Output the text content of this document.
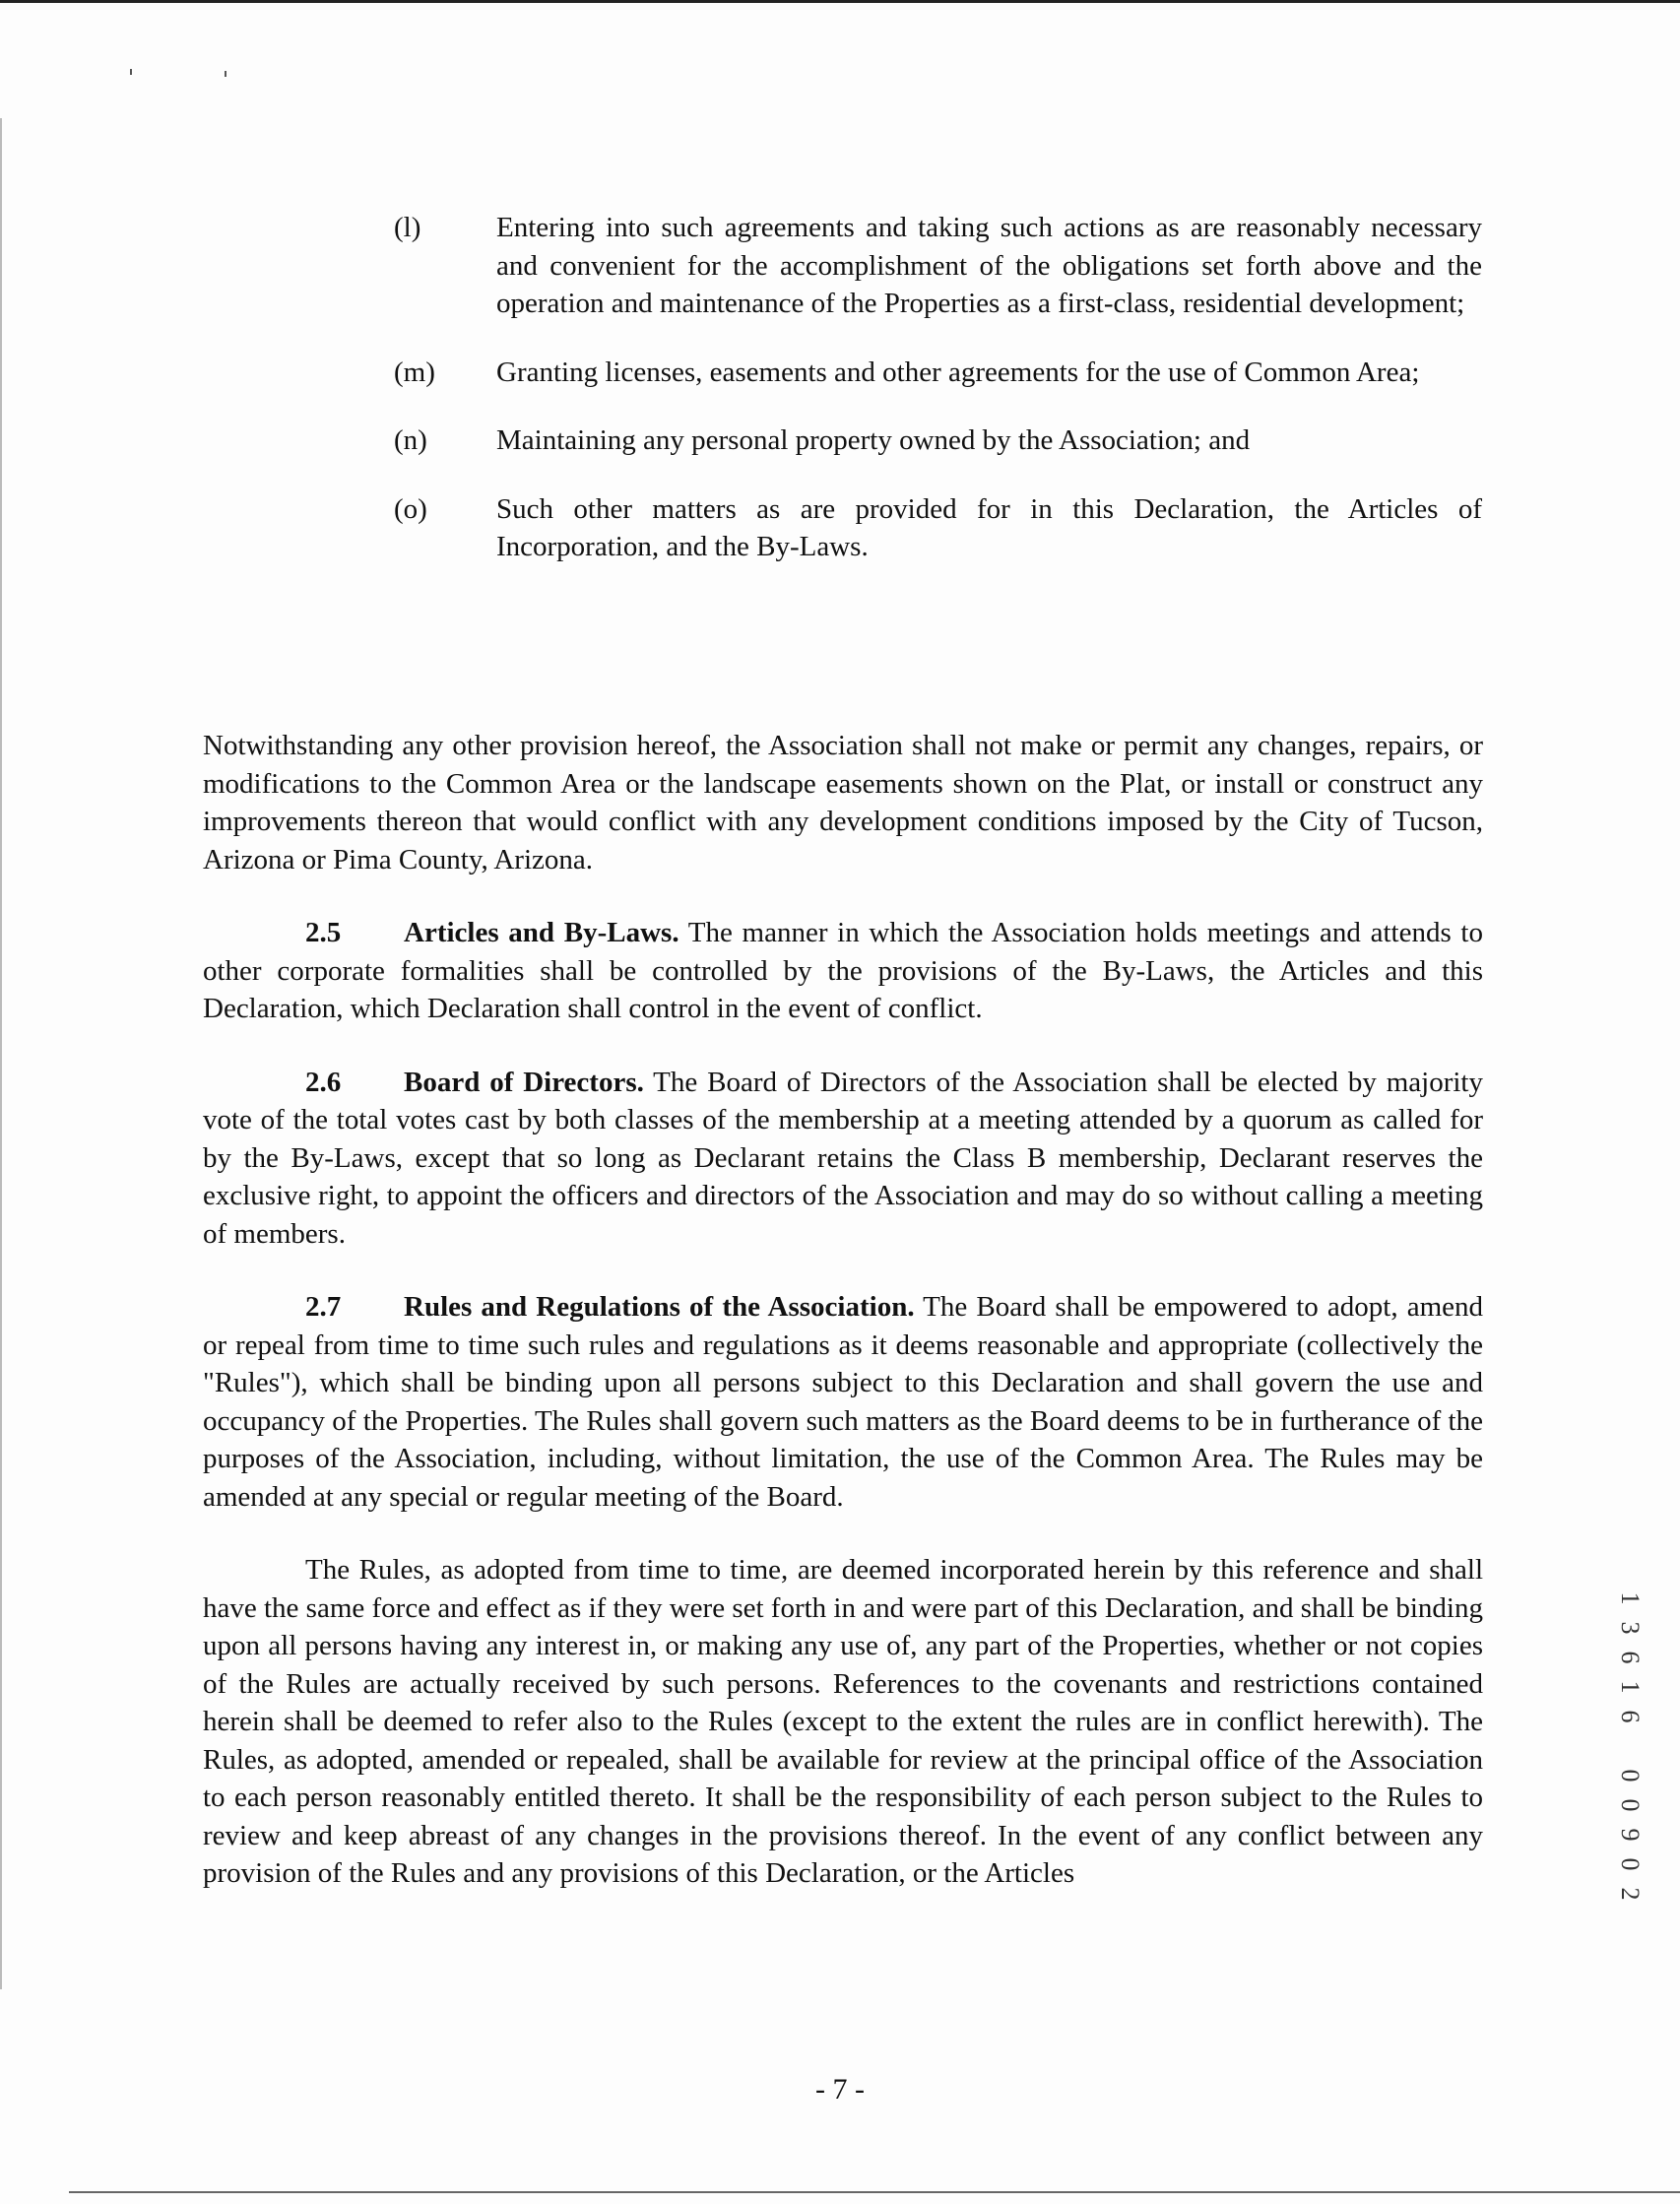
(l)	Entering into such agreements and taking such actions as are reasonably necessary and convenient for the accomplishment of the obligations set forth above and the operation and maintenance of the Properties as a first-class, residential development;
(m) Granting licenses, easements and other agreements for the use of Common Area;
(n) Maintaining any personal property owned by the Association; and
(o) Such other matters as are provided for in this Declaration, the Articles of Incorporation, and the By-Laws.

Notwithstanding any other provision hereof, the Association shall not make or permit any changes, repairs, or modifications to the Common Area or the landscape easements shown on the Plat, or install or construct any improvements thereon that would conflict with any development conditions imposed by the City of Tucson, Arizona or Pima County, Arizona.

2.5 Articles and By-Laws. The manner in which the Association holds meetings and attends to other corporate formalities shall be controlled by the provisions of the By-Laws, the Articles and this Declaration, which Declaration shall control in the event of conflict.

2.6 Board of Directors. The Board of Directors of the Association shall be elected by majority vote of the total votes cast by both classes of the membership at a meeting attended by a quorum as called for by the By-Laws, except that so long as Declarant retains the Class B membership, Declarant reserves the exclusive right, to appoint the officers and directors of the Association and may do so without calling a meeting of members.

2.7 Rules and Regulations of the Association. The Board shall be empowered to adopt, amend or repeal from time to time such rules and regulations as it deems reasonable and appropriate (collectively the "Rules"), which shall be binding upon all persons subject to this Declaration and shall govern the use and occupancy of the Properties. The Rules shall govern such matters as the Board deems to be in furtherance of the purposes of the Association, including, without limitation, the use of the Common Area. The Rules may be amended at any special or regular meeting of the Board.

The Rules, as adopted from time to time, are deemed incorporated herein by this reference and shall have the same force and effect as if they were set forth in and were part of this Declaration, and shall be binding upon all persons having any interest in, or making any use of, any part of the Properties, whether or not copies of the Rules are actually received by such persons. References to the covenants and restrictions contained herein shall be deemed to refer also to the Rules (except to the extent the rules are in conflict herewith). The Rules, as adopted, amended or repealed, shall be available for review at the principal office of the Association to each person reasonably entitled thereto. It shall be the responsibility of each person subject to the Rules to review and keep abreast of any changes in the provisions thereof. In the event of any conflict between any provision of the Rules and any provisions of this Declaration, or the Articles

1
3
6
1
6

0
0
9
0
2
- 7 -
